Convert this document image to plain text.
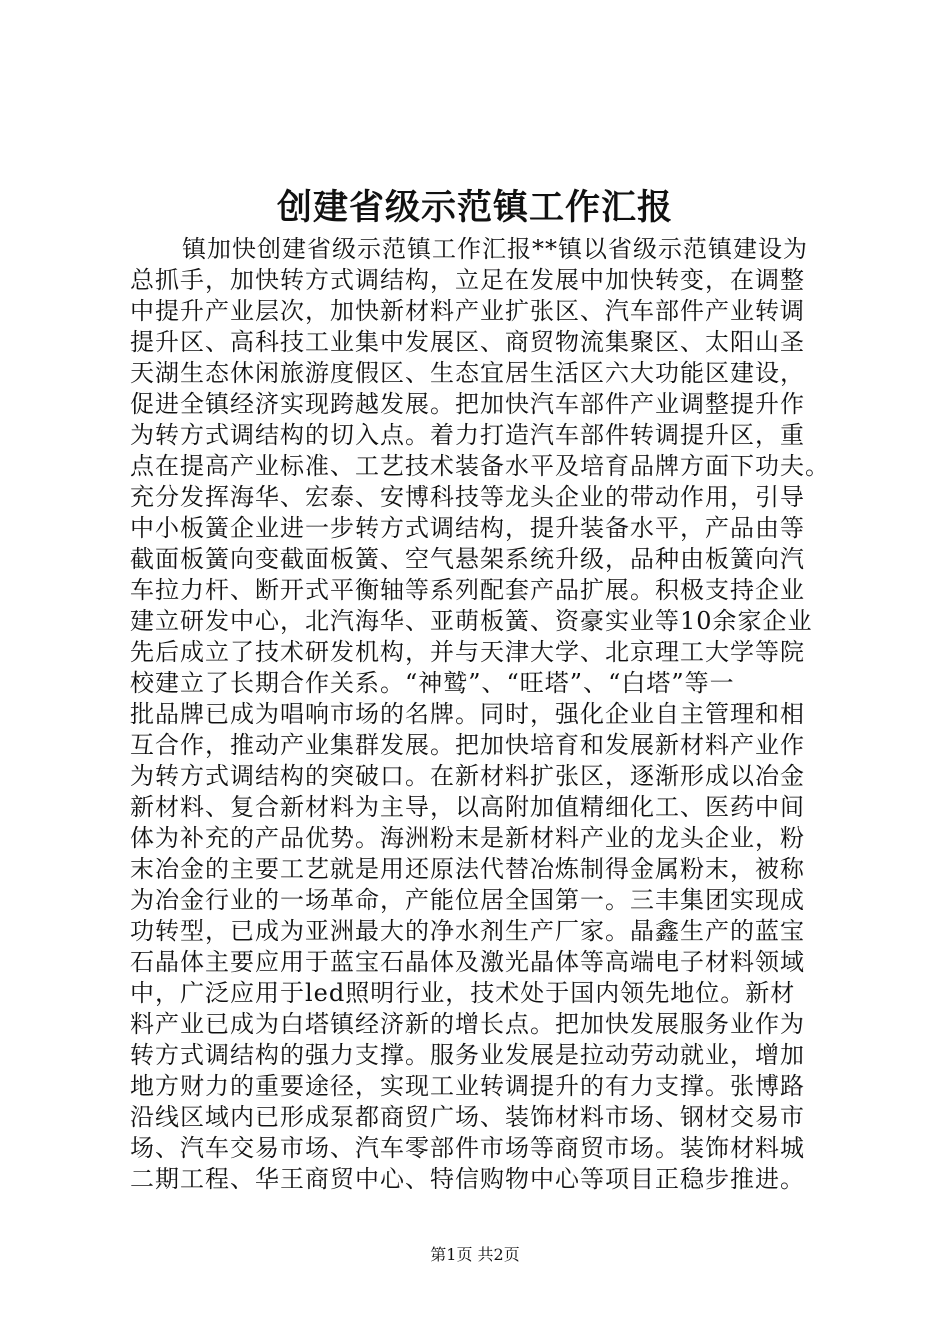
创建省级示范镇工作汇报
镇加快创建省级示范镇工作汇报**镇以省级示范镇建设为
总抓手，加快转方式调结构，立足在发展中加快转变，在调整
中提升产业层次，加快新材料产业扩张区、汽车部件产业转调
提升区、高科技工业集中发展区、商贸物流集聚区、太阳山圣
天湖生态休闲旅游度假区、生态宜居生活区六大功能区建设，
促进全镇经济实现跨越发展。把加快汽车部件产业调整提升作
为转方式调结构的切入点。着力打造汽车部件转调提升区，重
点在提高产业标准、工艺技术装备水平及培育品牌方面下功夫。
充分发挥海华、宏泰、安博科技等龙头企业的带动作用，引导
中小板簧企业进一步转方式调结构，提升装备水平，产品由等
截面板簧向变截面板簧、空气悬架系统升级，品种由板簧向汽
车拉力杆、断开式平衡轴等系列配套产品扩展。积极支持企业
建立研发中心，北汽海华、亚萌板簧、资豪实业等10余家企业
先后成立了技术研发机构，并与天津大学、北京理工大学等院
校建立了长期合作关系。“神鹫”、“旺塔”、“白塔”等一
批品牌已成为唱响市场的名牌。同时，强化企业自主管理和相
互合作，推动产业集群发展。把加快培育和发展新材料产业作
为转方式调结构的突破口。在新材料扩张区，逐渐形成以冶金
新材料、复合新材料为主导，以高附加值精细化工、医药中间
体为补充的产品优势。海洲粉末是新材料产业的龙头企业，粉
末冶金的主要工艺就是用还原法代替冶炼制得金属粉末，被称
为冶金行业的一场革命，产能位居全国第一。三丰集团实现成
功转型，已成为亚洲最大的净水剂生产厂家。晶鑫生产的蓝宝
石晶体主要应用于蓝宝石晶体及激光晶体等高端电子材料领域
中，广泛应用于led照明行业，技术处于国内领先地位。新材
料产业已成为白塔镇经济新的增长点。把加快发展服务业作为
转方式调结构的强力支撑。服务业发展是拉动劳动就业，增加
地方财力的重要途径，实现工业转调提升的有力支撑。张博路
沿线区域内已形成泵都商贸广场、装饰材料市场、钢材交易市
场、汽车交易市场、汽车零部件市场等商贸市场。装饰材料城
二期工程、华王商贸中心、特信购物中心等项目正稳步推进。
第1页 共2页
